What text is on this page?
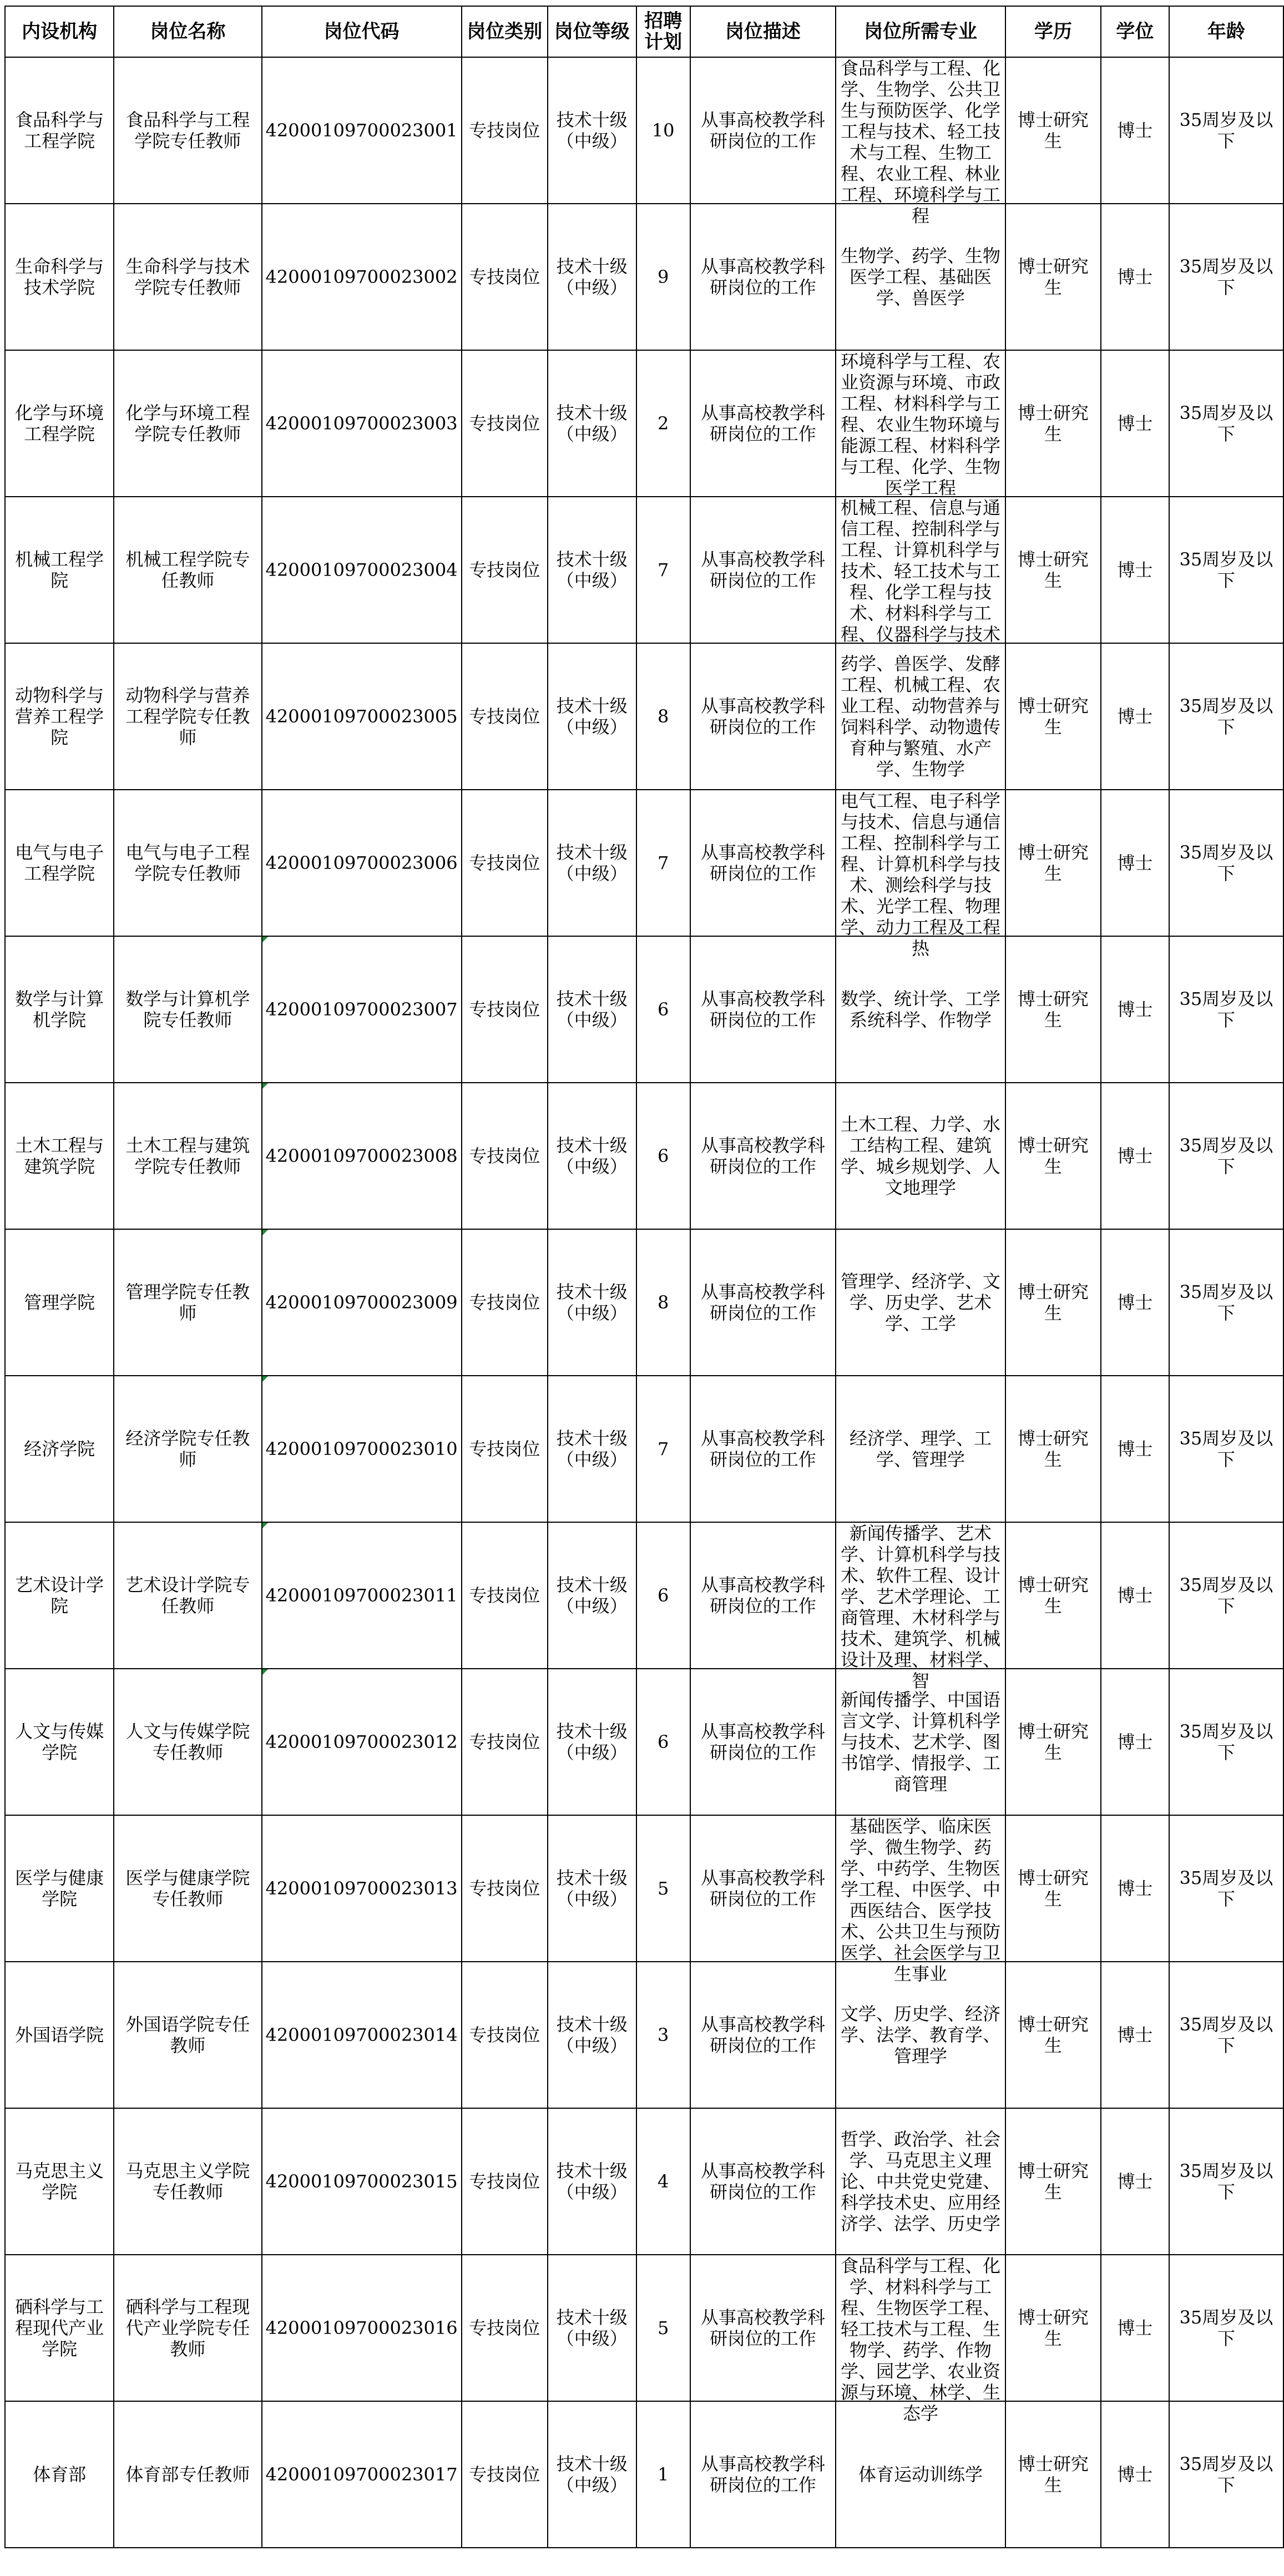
内设机构	岗位名称	岗位代码	岗位类别	岗位等级	招聘计划	岗位描述	岗位所需专业	学历	学位	年龄
食品科学与工程学院	食品科学与工程学院专任教师	42000109700023001	专技岗位	技术十级（中级）	10	从事高校教学科研岗位的工作	食品科学与工程、化学、生物学、公共卫生与预防医学、化学工程与技术、轻工技术与工程、生物工程、农业工程、林业工程、环境科学与工程	博士研究生	博士	35周岁及以下
生命科学与技术学院	生命科学与技术学院专任教师	42000109700023002	专技岗位	技术十级（中级）	9	从事高校教学科研岗位的工作	生物学、药学、生物医学工程、基础医学、兽医学	博士研究生	博士	35周岁及以下
化学与环境工程学院	化学与环境工程学院专任教师	42000109700023003	专技岗位	技术十级（中级）	2	从事高校教学科研岗位的工作	环境科学与工程、农业资源与环境、市政工程、材料科学与工程、农业生物环境与能源工程、材料科学与工程、化学、生物医学工程	博士研究生	博士	35周岁及以下
机械工程学院	机械工程学院专任教师	42000109700023004	专技岗位	技术十级（中级）	7	从事高校教学科研岗位的工作	机械工程、信息与通信工程、控制科学与工程、计算机科学与技术、轻工技术与工程、化学工程与技术、材料科学与工程、仪器科学与技术	博士研究生	博士	35周岁及以下
动物科学与营养工程学院	动物科学与营养工程学院专任教师	42000109700023005	专技岗位	技术十级（中级）	8	从事高校教学科研岗位的工作	药学、兽医学、发酵工程、机械工程、农业工程、动物营养与饲料科学、动物遗传育种与繁殖、水产学、生物学	博士研究生	博士	35周岁及以下
电气与电子工程学院	电气与电子工程学院专任教师	42000109700023006	专技岗位	技术十级（中级）	7	从事高校教学科研岗位的工作	电气工程、电子科学与技术、信息与通信工程、控制科学与工程、计算机科学与技术、测绘科学与技术、光学工程、物理学、动力工程及工程热	博士研究生	博士	35周岁及以下
数学与计算机学院	数学与计算机学院专任教师	42000109700023007	专技岗位	技术十级（中级）	6	从事高校教学科研岗位的工作	数学、统计学、工学系统科学、作物学	博士研究生	博士	35周岁及以下
土木工程与建筑学院	土木工程与建筑学院专任教师	42000109700023008	专技岗位	技术十级（中级）	6	从事高校教学科研岗位的工作	土木工程、力学、水工结构工程、建筑学、城乡规划学、人文地理学	博士研究生	博士	35周岁及以下
管理学院	管理学院专任教师	42000109700023009	专技岗位	技术十级（中级）	8	从事高校教学科研岗位的工作	管理学、经济学、文学、历史学、艺术学、工学	博士研究生	博士	35周岁及以下
经济学院	经济学院专任教师	42000109700023010	专技岗位	技术十级（中级）	7	从事高校教学科研岗位的工作	经济学、理学、工学、管理学	博士研究生	博士	35周岁及以下
艺术设计学院	艺术设计学院专任教师	42000109700023011	专技岗位	技术十级（中级）	6	从事高校教学科研岗位的工作	新闻传播学、艺术学、计算机科学与技术、软件工程、设计学、艺术学理论、工商管理、木材科学与技术、建筑学、机械设计及理、材料学、智	博士研究生	博士	35周岁及以下
人文与传媒学院	人文与传媒学院专任教师	42000109700023012	专技岗位	技术十级（中级）	6	从事高校教学科研岗位的工作	新闻传播学、中国语言文学、计算机科学与技术、艺术学、图书馆学、情报学、工商管理	博士研究生	博士	35周岁及以下
医学与健康学院	医学与健康学院专任教师	42000109700023013	专技岗位	技术十级（中级）	5	从事高校教学科研岗位的工作	基础医学、临床医学、微生物学、药学、中药学、生物医学工程、中医学、中西医结合、医学技术、公共卫生与预防医学、社会医学与卫生事业	博士研究生	博士	35周岁及以下
外国语学院	外国语学院专任教师	42000109700023014	专技岗位	技术十级（中级）	3	从事高校教学科研岗位的工作	文学、历史学、经济学、法学、教育学、管理学	博士研究生	博士	35周岁及以下
马克思主义学院	马克思主义学院专任教师	42000109700023015	专技岗位	技术十级（中级）	4	从事高校教学科研岗位的工作	哲学、政治学、社会学、马克思主义理论、中共党史党建、科学技术史、应用经济学、法学、历史学	博士研究生	博士	35周岁及以下
硒科学与工程现代产业学院	硒科学与工程现代产业学院专任教师	42000109700023016	专技岗位	技术十级（中级）	5	从事高校教学科研岗位的工作	食品科学与工程、化学、材料科学与工程、生物医学工程、轻工技术与工程、生物学、药学、作物学、园艺学、农业资源与环境、林学、生态学	博士研究生	博士	35周岁及以下
体育部	体育部专任教师	42000109700023017	专技岗位	技术十级（中级）	1	从事高校教学科研岗位的工作	体育运动训练学	博士研究生	博士	35周岁及以下
